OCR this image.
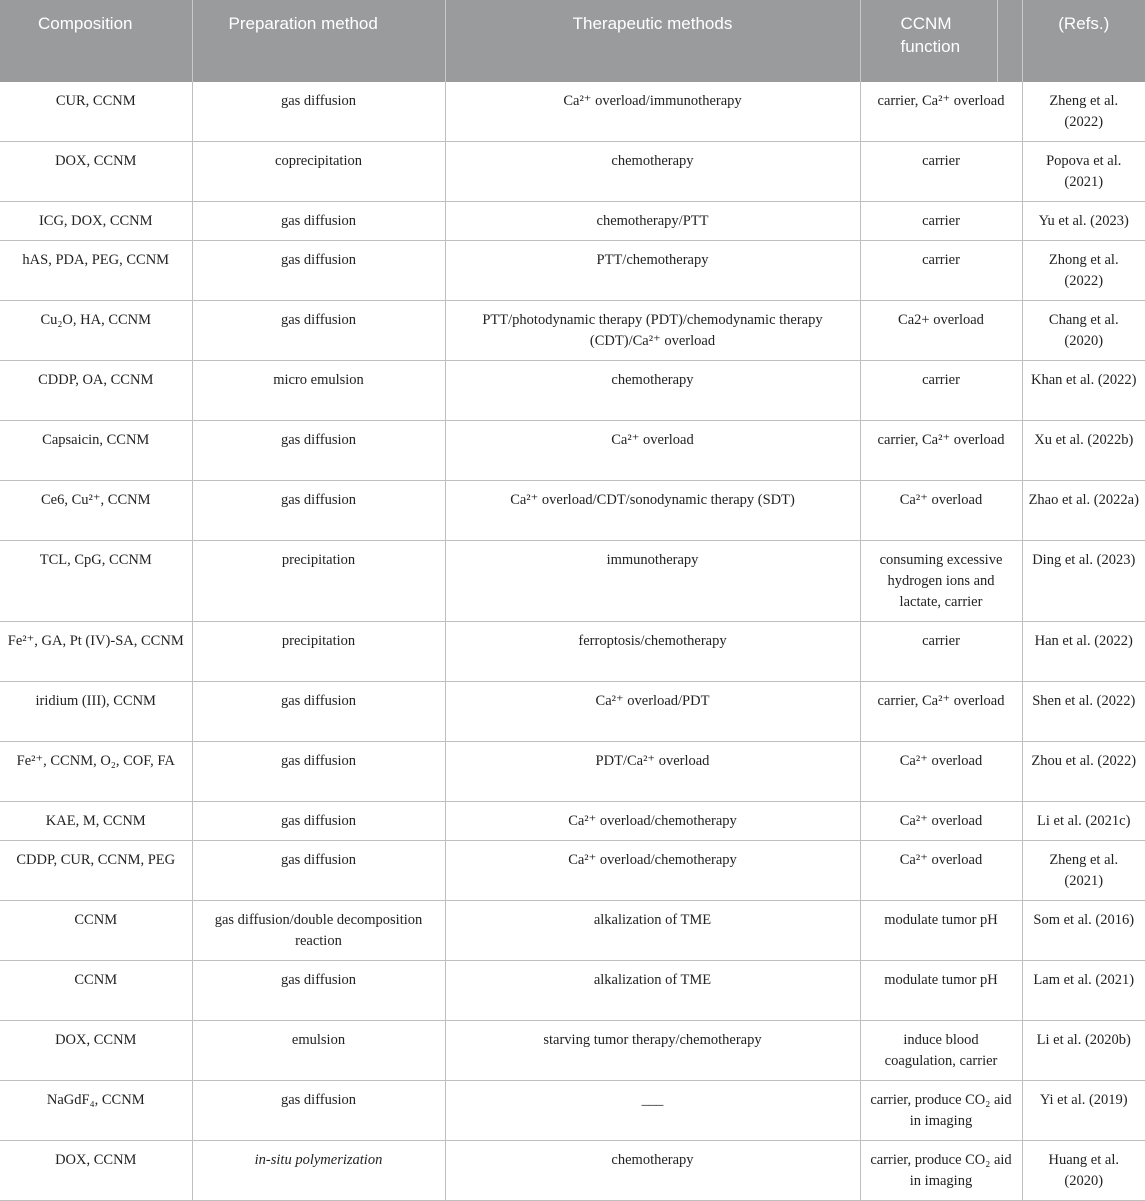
Composition	Preparation method	Therapeutic methods	CCNM function	(Refs.)
CUR, CCNM	gas diffusion	Ca²⁺ overload/immunotherapy	carrier, Ca²⁺ overload	Zheng et al. (2022)
DOX, CCNM	coprecipitation	chemotherapy	carrier	Popova et al. (2021)
ICG, DOX, CCNM	gas diffusion	chemotherapy/PTT	carrier	Yu et al. (2023)
hAS, PDA, PEG, CCNM	gas diffusion	PTT/chemotherapy	carrier	Zhong et al. (2022)
Cu₂O, HA, CCNM	gas diffusion	PTT/photodynamic therapy (PDT)/chemodynamic therapy (CDT)/Ca²⁺ overload	Ca2+ overload	Chang et al. (2020)
CDDP, OA, CCNM	micro emulsion	chemotherapy	carrier	Khan et al. (2022)
Capsaicin, CCNM	gas diffusion	Ca²⁺ overload	carrier, Ca²⁺ overload	Xu et al. (2022b)
Ce6, Cu²⁺, CCNM	gas diffusion	Ca²⁺ overload/CDT/sonodynamic therapy (SDT)	Ca²⁺ overload	Zhao et al. (2022a)
TCL, CpG, CCNM	precipitation	immunotherapy	consuming excessive hydrogen ions and lactate, carrier	Ding et al. (2023)
Fe²⁺, GA, Pt (IV)-SA, CCNM	precipitation	ferroptosis/chemotherapy	carrier	Han et al. (2022)
iridium (III), CCNM	gas diffusion	Ca²⁺ overload/PDT	carrier, Ca²⁺ overload	Shen et al. (2022)
Fe²⁺, CCNM, O₂, COF, FA	gas diffusion	PDT/Ca²⁺ overload	Ca²⁺ overload	Zhou et al. (2022)
KAE, M, CCNM	gas diffusion	Ca²⁺ overload/chemotherapy	Ca²⁺ overload	Li et al. (2021c)
CDDP, CUR, CCNM, PEG	gas diffusion	Ca²⁺ overload/chemotherapy	Ca²⁺ overload	Zheng et al. (2021)
CCNM	gas diffusion/double decomposition reaction	alkalization of TME	modulate tumor pH	Som et al. (2016)
CCNM	gas diffusion	alkalization of TME	modulate tumor pH	Lam et al. (2021)
DOX, CCNM	emulsion	starving tumor therapy/chemotherapy	induce blood coagulation, carrier	Li et al. (2020b)
NaGdF₄, CCNM	gas diffusion	___	carrier, produce CO₂ aid in imaging	Yi et al. (2019)
DOX, CCNM	in-situ polymerization	chemotherapy	carrier, produce CO₂ aid in imaging	Huang et al. (2020)
